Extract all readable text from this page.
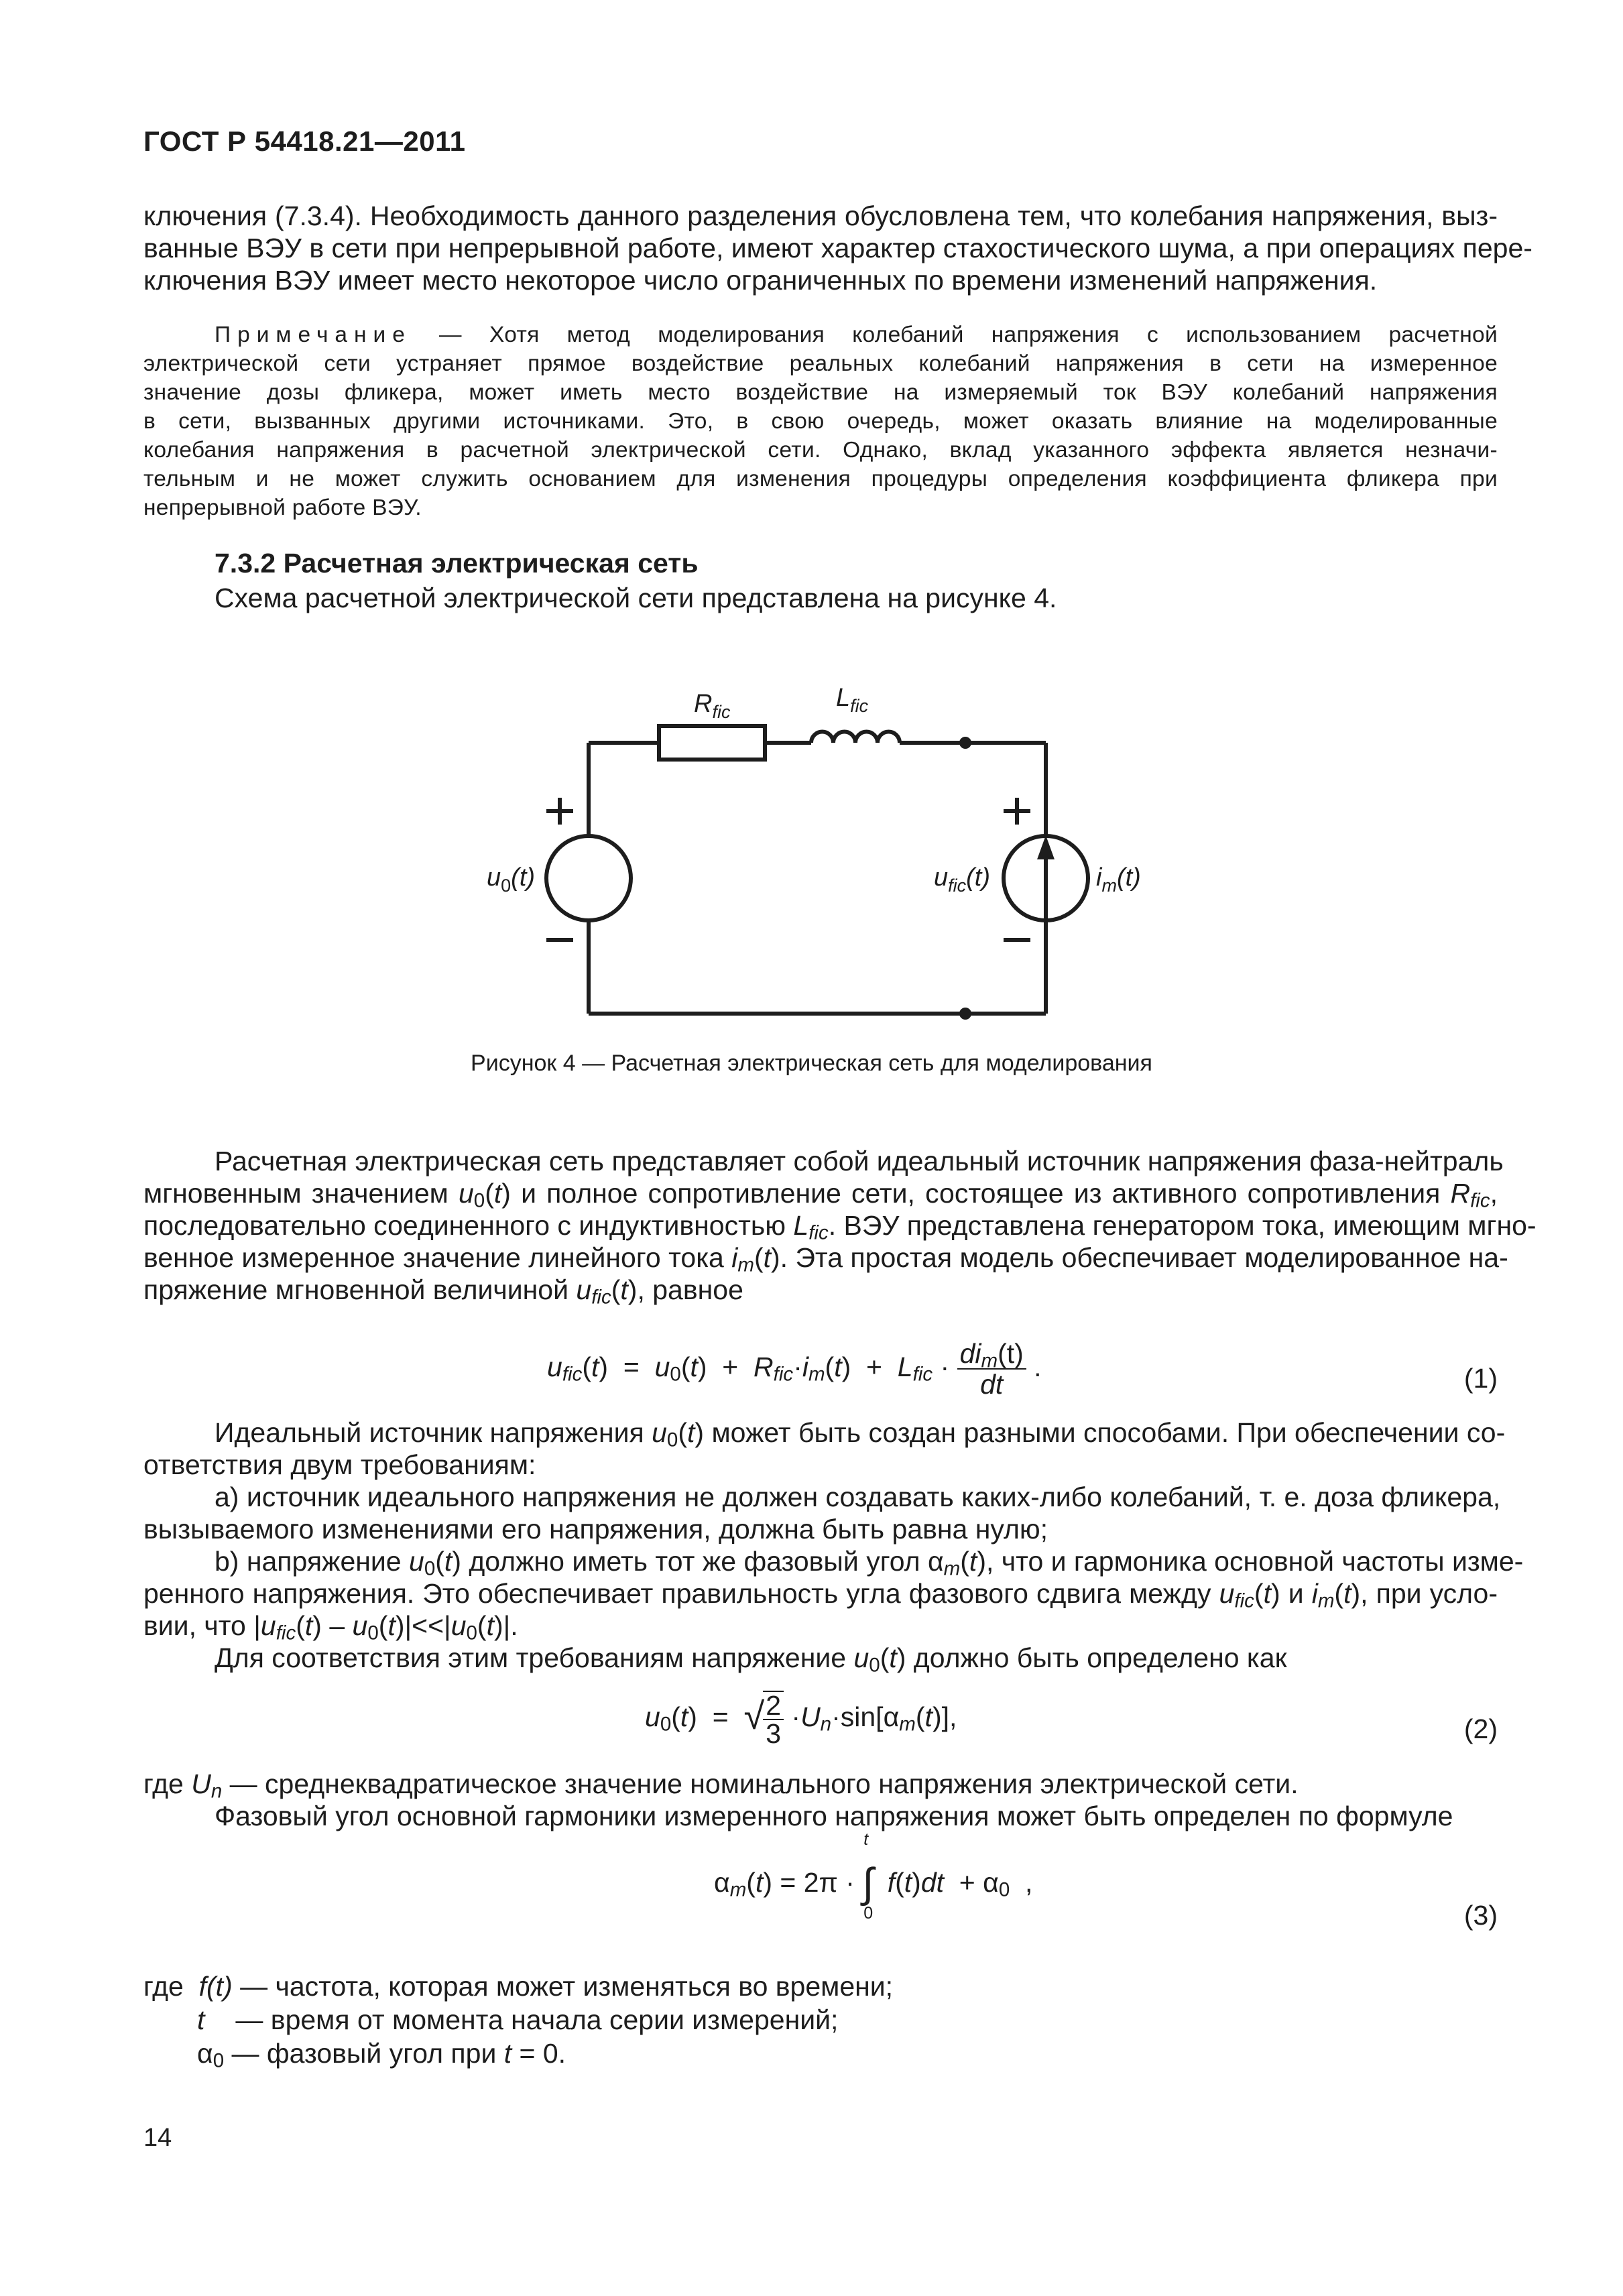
ГОСТ Р 54418.21—2011
ключения (7.3.4). Необходимость данного разделения обусловлена тем, что колебания напряжения, выз-
ванные ВЭУ в сети при непрерывной работе, имеют характер стахостического шума, а при операциях пере-
ключения ВЭУ имеет место некоторое число ограниченных по времени изменений напряжения.
Примечание — Хотя метод моделирования колебаний напряжения с использованием расчетной
электрической сети устраняет прямое воздействие реальных колебаний напряжения в сети на измеренное
значение дозы фликера, может иметь место воздействие на измеряемый ток ВЭУ колебаний напряжения
в сети, вызванных другими источниками. Это, в свою очередь, может оказать влияние на моделированные
колебания напряжения в расчетной электрической сети. Однако, вклад указанного эффекта является незначи-
тельным и не может служить основанием для изменения процедуры определения коэффициента фликера при
непрерывной работе ВЭУ.
7.3.2 Расчетная электрическая сеть
Схема расчетной электрической сети представлена на рисунке 4.
$R_{fic}$	$L_{fic}$
$u_0(t)$	$u_{fic}(t)$	$i_m(t)$
Рисунок 4 — Расчетная электрическая сеть для моделирования
Расчетная электрическая сеть представляет собой идеальный источник напряжения фаза-нейтраль
мгновенным значением $u_0(t)$ и полное сопротивление сети, состоящее из активного сопротивления $R_{fic}$,
последовательно соединенного с индуктивностью $L_{fic}$. ВЭУ представлена генератором тока, имеющим мгно-
венное измеренное значение линейного тока $i_m(t)$. Эта простая модель обеспечивает моделированное на-
пряжение мгновенной величиной $u_{fic}(t)$, равное
$u_{fic}(t) = u_0(t) + R_{fic}\cdot i_m(t) + L_{fic} \cdot \frac{di_m(t)}{dt}$ .	(1)
Идеальный источник напряжения $u_0(t)$ может быть создан разными способами. При обеспечении со-
ответствия двум требованиям:
a) источник идеального напряжения не должен создавать каких-либо колебаний, т. е. доза фликера,
вызываемого изменениями его напряжения, должна быть равна нулю;
b) напряжение $u_0(t)$ должно иметь тот же фазовый угол $\alpha_m(t)$, что и гармоника основной частоты изме-
ренного напряжения. Это обеспечивает правильность угла фазового сдвига между $u_{fic}(t)$ и $i_m(t)$, при усло-
вии, что $|u_{fic}(t) - u_0(t)|<<|u_0(t)|$.
Для соответствия этим требованиям напряжение $u_0(t)$ должно быть определено как
$u_0(t)$  =  √
$\frac{2}{3} \cdot U_n\cdot\sin[\alpha_m(t)]$,	(2)
где $U_n$ — среднеквадратическое значение номинального напряжения электрической сети.
Фазовый угол основной гармоники измеренного напряжения может быть определен по формуле
$\alpha_m(t) = 2\pi$ ·
t
∫
0
$f(t)dt + \alpha_0$  ,
(3)
где f(t) — частота, которая может изменяться во времени;
t — время от момента начала серии измерений;
$\alpha_0$ — фазовый угол при t = 0.
14
